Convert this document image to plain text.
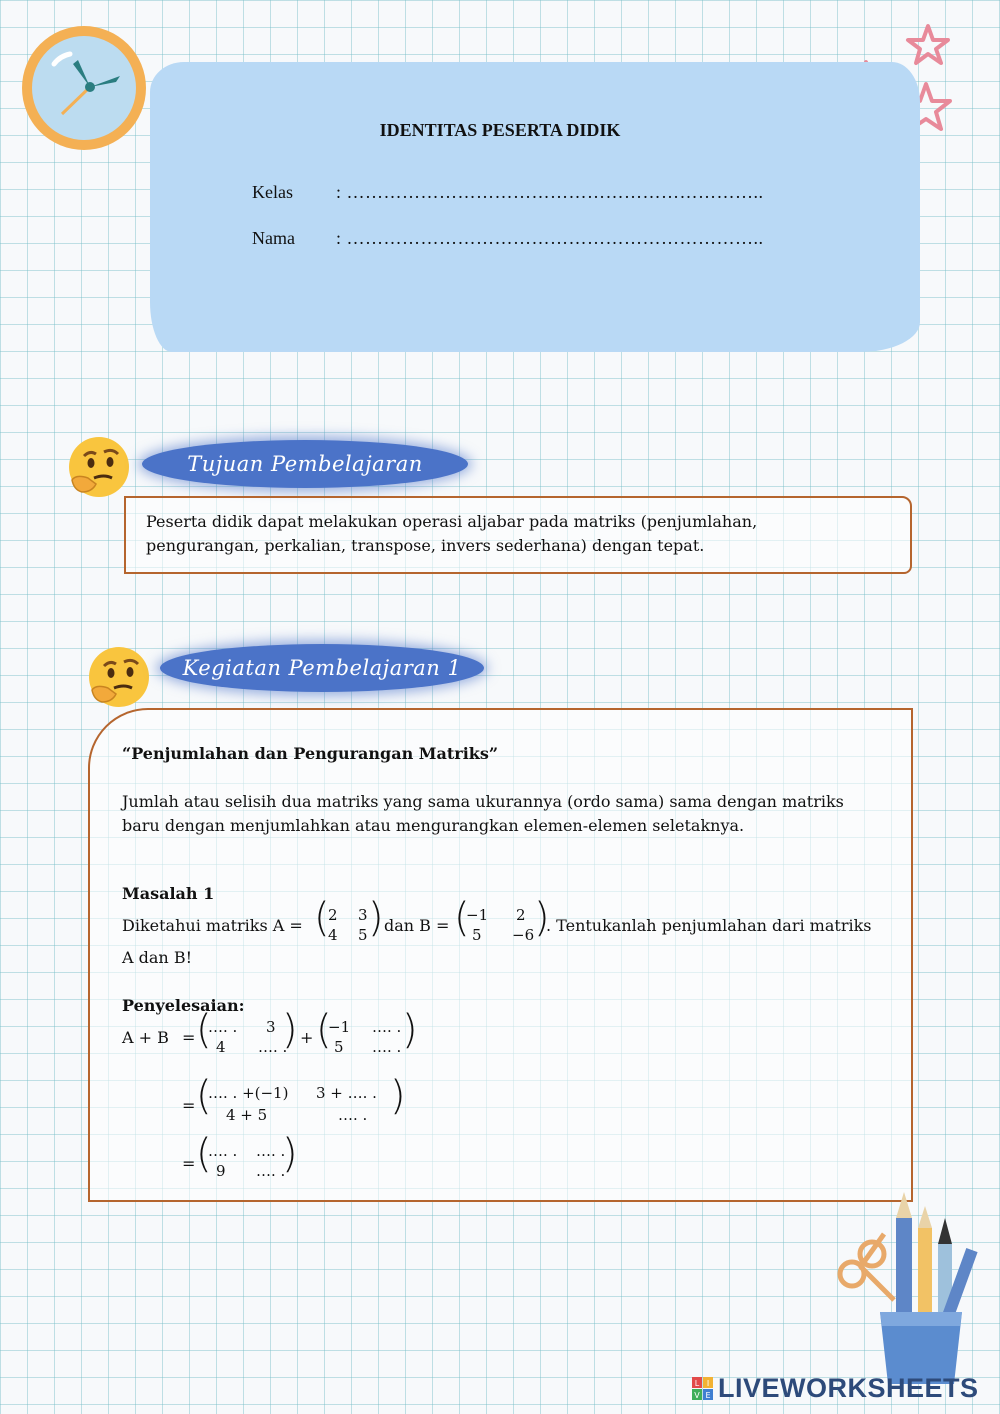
IDENTITAS PESERTA DIDIK
Kelas : …………………………………………………………..
Nama : …………………………………………………………..
Tujuan Pembelajaran
Peserta didik dapat melakukan operasi aljabar pada matriks (penjumlahan,
pengurangan, perkalian, transpose, invers sederhana) dengan tepat.
Kegiatan Pembelajaran 1
“Penjumlahan dan Pengurangan Matriks”
Jumlah atau selisih dua matriks yang sama ukurannya (ordo sama) sama dengan matriks
baru dengan menjumlahkan atau mengurangkan elemen-elemen seletaknya.
Masalah 1
Diketahui matriks A = (
2 3
4 5 ) dan B = (
−1 2
5 −6 )
. Tentukanlah penjumlahan dari matriks
A dan B!
Penyelesaian:
A + B = (
…. . 3
4 …. .
) + (
−1 …. .
5 …. . )
= (
…. . +(−1) 3 + …. .
4 + 5	…. . )
= (
…. . …. .
9 …. .
)
L I
V E LIVEWORKSHEETS
